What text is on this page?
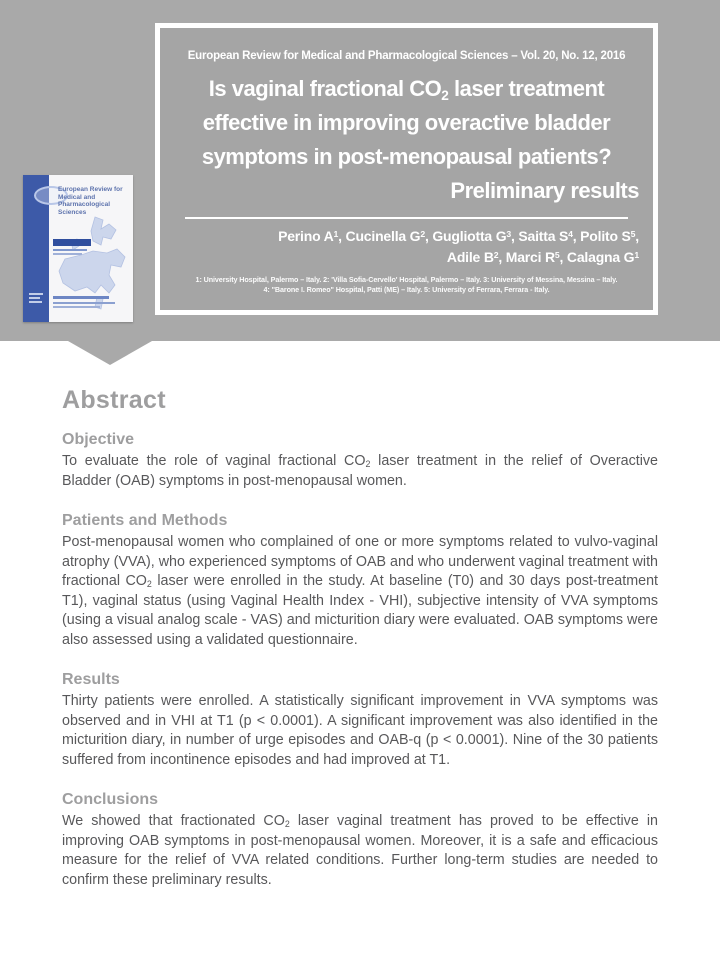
European Review for Medical and Pharmacological Sciences – Vol. 20, No. 12, 2016
Is vaginal fractional $CO_2$ laser treatment
effective in improving overactive bladder
symptoms in post-menopausal patients?
Preliminary results
Perino $A^1$, Cucinella $G^2$, Gugliotta $G^3$, Saitta $S^4$, Polito $S^5$,
Adile $B^2$, Marci $R^5$, Calagna $G^1$
1: University Hospital, Palermo – Italy. 2: 'Villa Sofia-Cervello' Hospital, Palermo – Italy. 3: University of Messina, Messina – Italy.
4: "Barone I. Romeo" Hospital, Patti (ME) – Italy. 5: University of Ferrara, Ferrara - Italy.
European Review for Medical and Pharmacological Sciences
Abstract
Objective

To evaluate the role of vaginal fractional $CO_2$ laser treatment in the relief of Overactive Bladder (OAB) symptoms in post-menopausal women.

Patients and Methods

Post-menopausal women who complained of one or more symptoms related to vulvo-vaginal atrophy (VVA), who experienced symptoms of OAB and who underwent vaginal treatment with fractional $CO_2$ laser were enrolled in the study. At baseline (T0) and 30 days post-treatment T1), vaginal status (using Vaginal Health Index - VHI), subjective intensity of VVA symptoms (using a visual analog scale - VAS) and micturition diary were evaluated. OAB symptoms were also assessed using a validated questionnaire.

Results

Thirty patients were enrolled. A statistically significant improvement in VVA symptoms was observed and in VHI at T1 (p < 0.0001). A significant improvement was also identified in the micturition diary, in number of urge episodes and OAB-q (p < 0.0001). Nine of the 30 patients suffered from incontinence episodes and had improved at T1.

Conclusions

We showed that fractionated $CO_2$ laser vaginal treatment has proved to be effective in improving OAB symptoms in post-menopausal women. Moreover, it is a safe and efficacious measure for the relief of VVA related conditions. Further long-term studies are needed to confirm these preliminary results.
